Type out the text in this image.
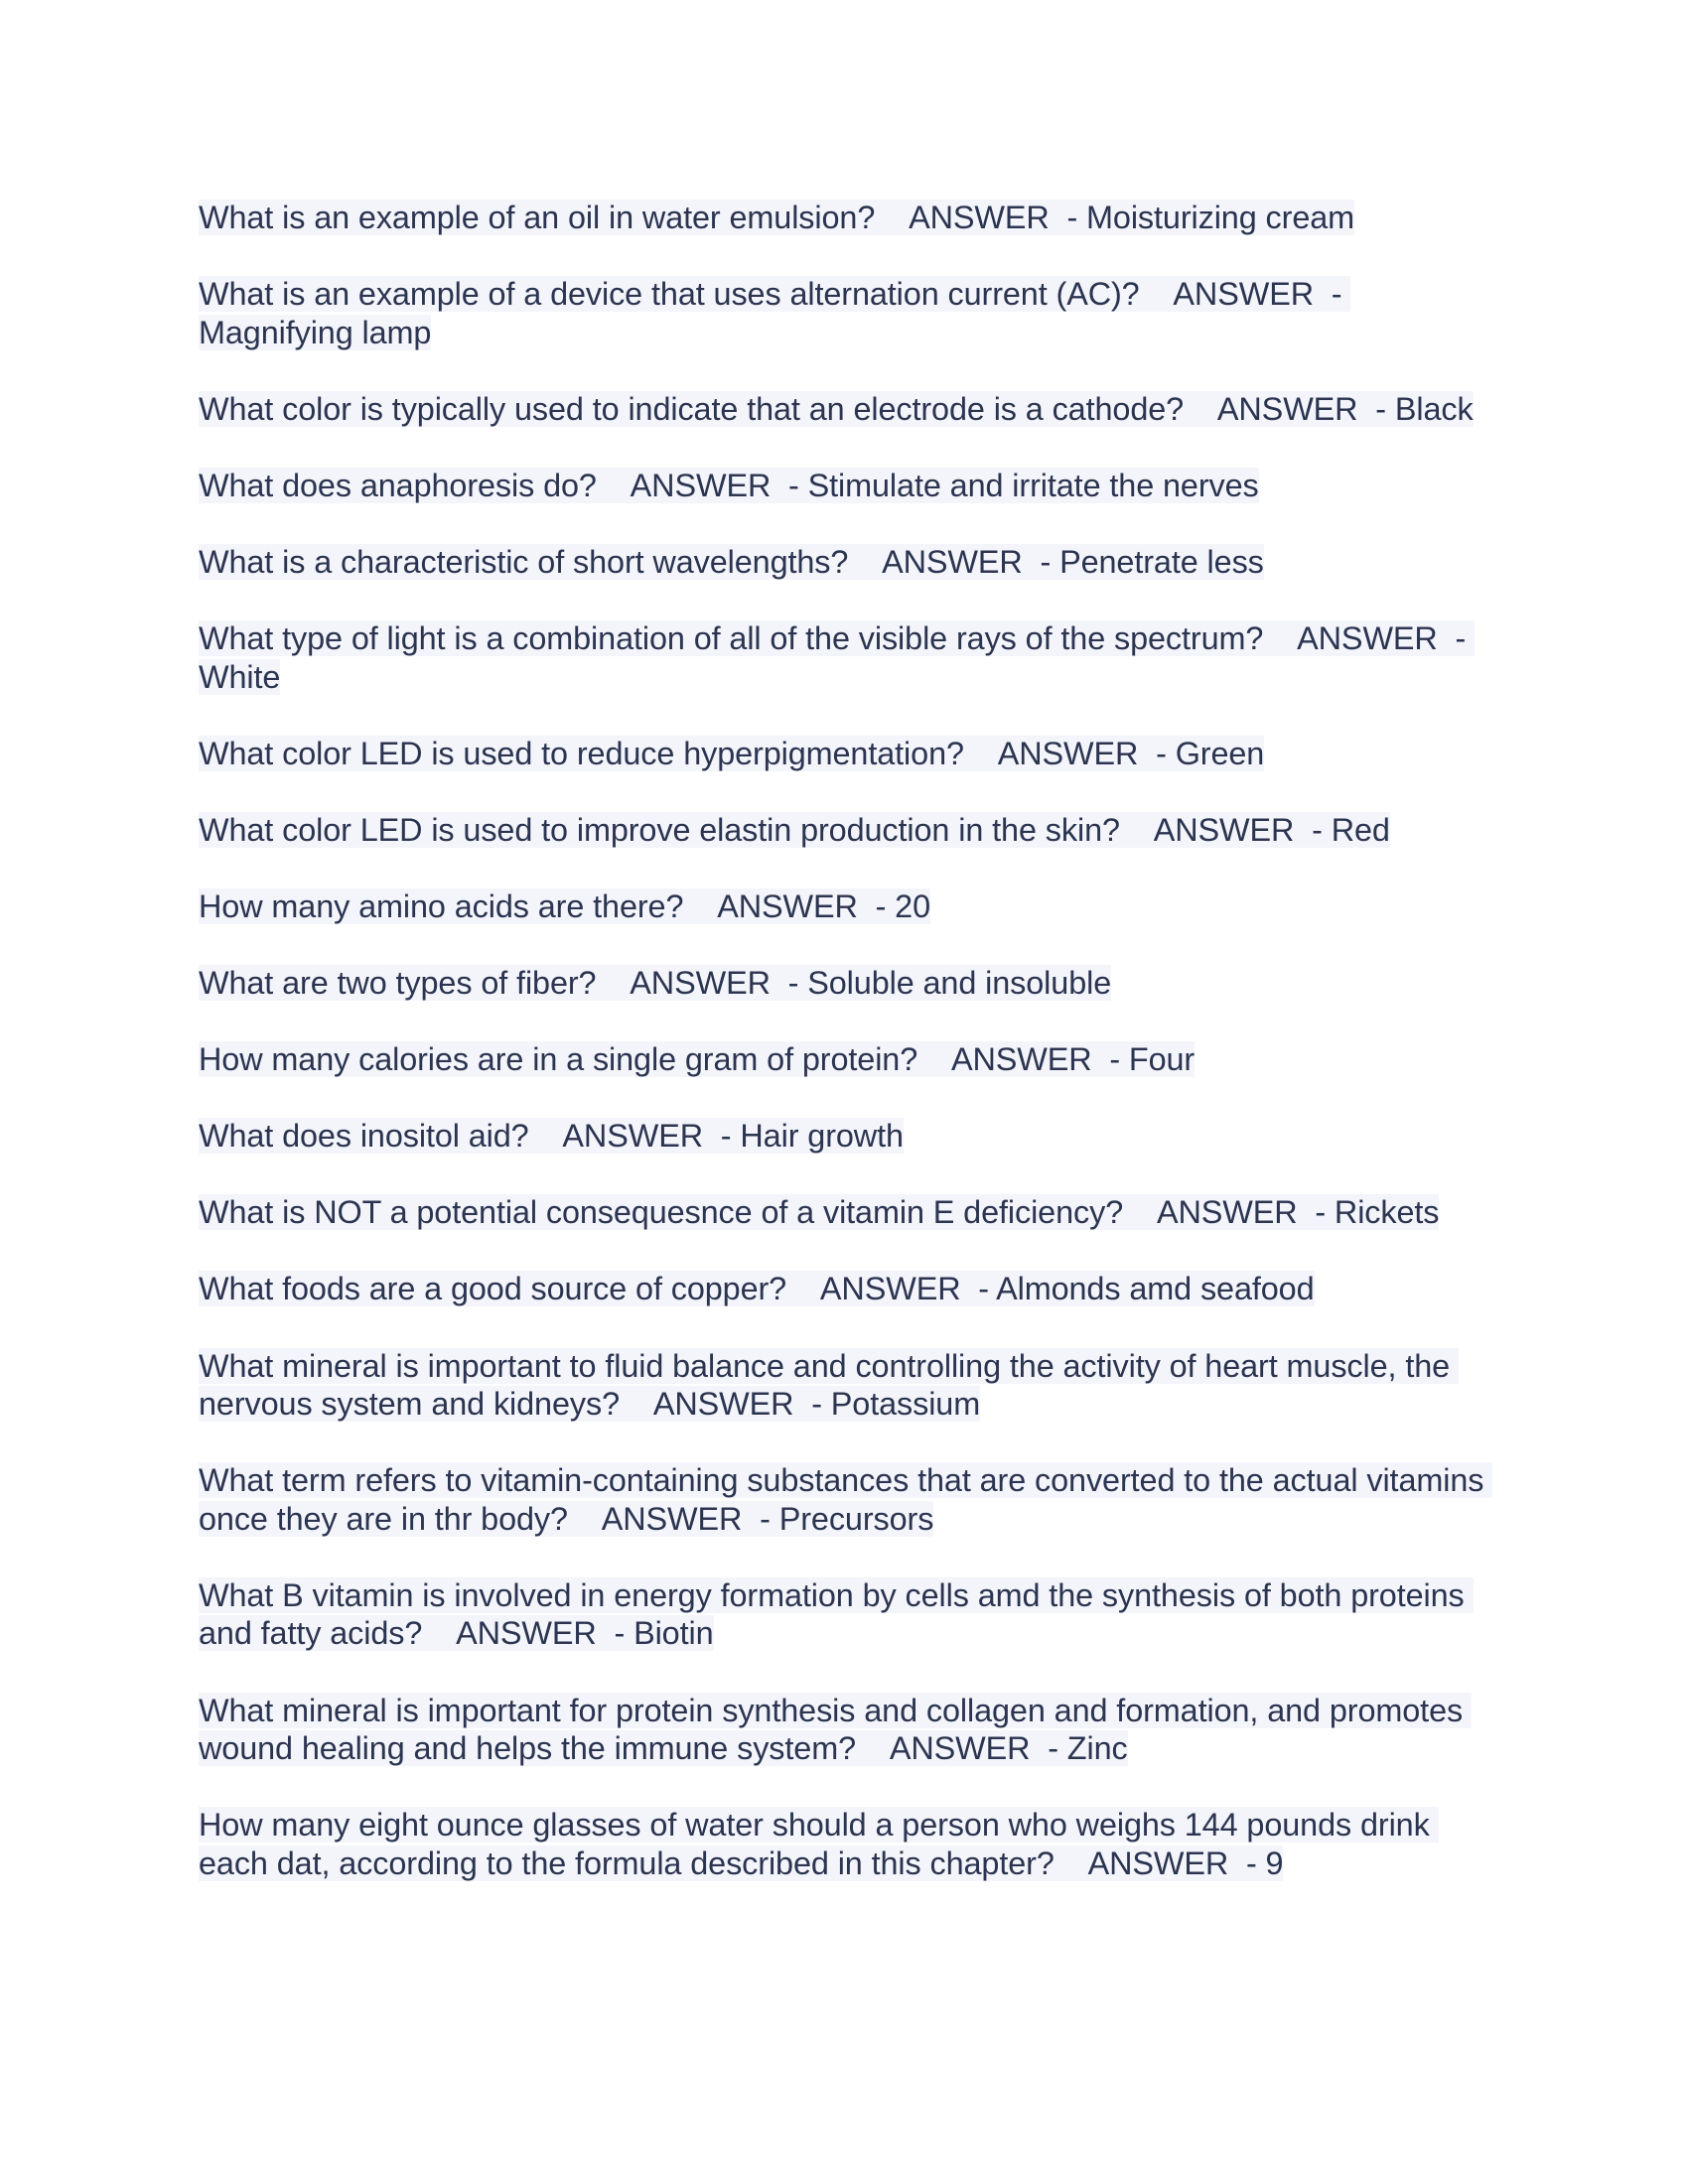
What is an example of an oil in water emulsion? ANSWER  - Moisturizing cream

What is an example of a device that uses alternation current (AC)? ANSWER  - Magnifying lamp

What color is typically used to indicate that an electrode is a cathode? ANSWER  - Black

What does anaphoresis do? ANSWER  - Stimulate and irritate the nerves

What is a characteristic of short wavelengths? ANSWER  - Penetrate less

What type of light is a combination of all of the visible rays of the spectrum? ANSWER  - White

What color LED is used to reduce hyperpigmentation? ANSWER  - Green

What color LED is used to improve elastin production in the skin? ANSWER  - Red

How many amino acids are there? ANSWER  - 20

What are two types of fiber? ANSWER  - Soluble and insoluble

How many calories are in a single gram of protein? ANSWER  - Four

What does inositol aid? ANSWER  - Hair growth

What is NOT a potential consequesnce of a vitamin E deficiency? ANSWER  - Rickets

What foods are a good source of copper? ANSWER  - Almonds amd seafood

What mineral is important to fluid balance and controlling the activity of heart muscle, the nervous system and kidneys? ANSWER  - Potassium

What term refers to vitamin-containing substances that are converted to the actual vitamins once they are in thr body? ANSWER  - Precursors

What B vitamin is involved in energy formation by cells amd the synthesis of both proteins and fatty acids? ANSWER  - Biotin

What mineral is important for protein synthesis and collagen and formation, and promotes wound healing and helps the immune system? ANSWER  - Zinc

How many eight ounce glasses of water should a person who weighs 144 pounds drink each dat, according to the formula described in this chapter? ANSWER  - 9
